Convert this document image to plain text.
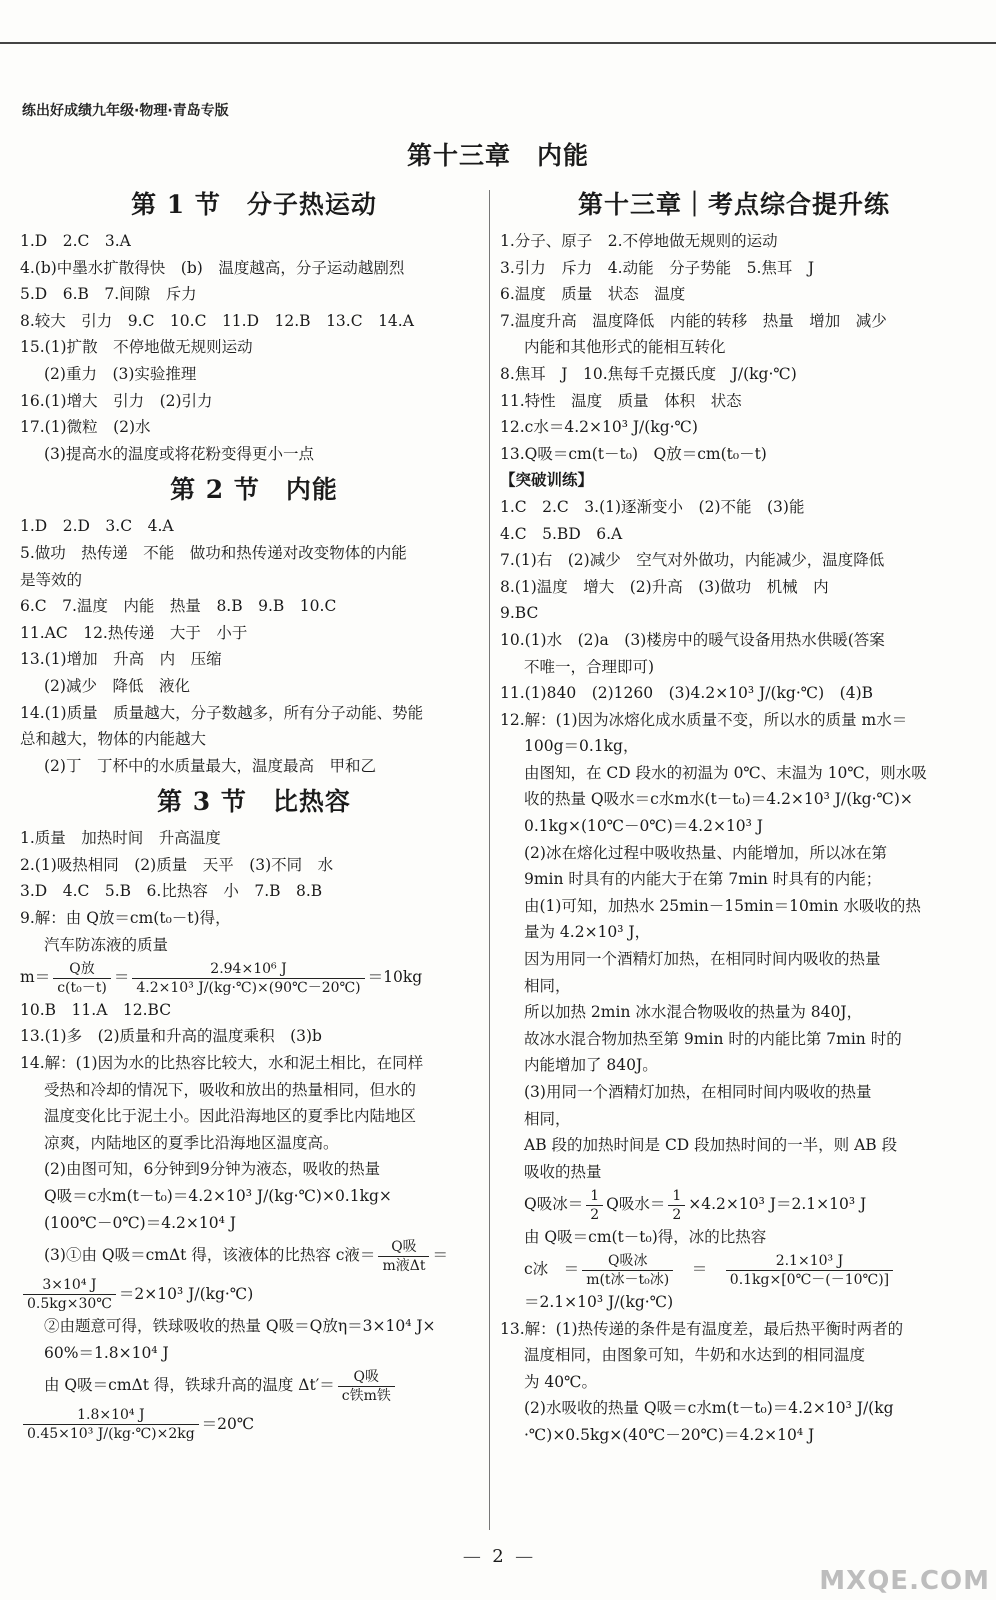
练出好成绩九年级·物理·青岛专版
第十三章　内能
第 1 节　分子热运动
1.D　2.C　3.A
4.(b)中墨水扩散得快　(b)　温度越高，分子运动越剧烈
5.D　6.B　7.间隙　斥力
8.较大　引力　9.C　10.C　11.D　12.B　13.C　14.A
15.(1)扩散　不停地做无规则运动
(2)重力　(3)实验推理
16.(1)增大　引力　(2)引力
17.(1)微粒　(2)水
(3)提高水的温度或将花粉变得更小一点
第 2 节　内能
1.D　2.D　3.C　4.A
5.做功　热传递　不能　做功和热传递对改变物体的内能
是等效的
6.C　7.温度　内能　热量　8.B　9.B　10.C
11.AC　12.热传递　大于　小于
13.(1)增加　升高　内　压缩
(2)减少　降低　液化
14.(1)质量　质量越大，分子数越多，所有分子动能、势能
总和越大，物体的内能越大
(2)丁　丁杯中的水质量最大，温度最高　甲和乙
第 3 节　比热容
1.质量　加热时间　升高温度
2.(1)吸热相同　(2)质量　天平　(3)不同　水
3.D　4.C　5.B　6.比热容　小　7.B　8.B
9.解：由 Q放＝cm(t₀－t)得，
汽车防冻液的质量
$m= \frac{\text{Q放}}{\text{c(t₀－t)}} = \frac{\text{2.94×10⁶ J}}{\text{4.2×10³ J/(kg·℃)×(90℃－20℃)}} =10kg$
10.B　11.A　12.BC
13.(1)多　(2)质量和升高的温度乘积　(3)b
14.解：(1)因为水的比热容比较大，水和泥土相比，在同样
受热和冷却的情况下，吸收和放出的热量相同，但水的
温度变化比于泥土小。因此沿海地区的夏季比内陆地区
凉爽，内陆地区的夏季比沿海地区温度高。
(2)由图可知，6分钟到9分钟为液态，吸收的热量
Q吸＝c水m(t－t₀)＝4.2×10³ J/(kg·℃)×0.1kg×
(100℃－0℃)＝4.2×10⁴ J
(3)①由 Q吸＝cmΔt 得，该液体的比热容 c液＝ $\frac{\text{Q吸}}{\text{m液Δt}}$ ＝
$\frac{\text{3×10⁴ J}}{0.5kg\times 30℃} =2\times 10^3$ J/(kg·℃)
②由题意可得，铁球吸收的热量 Q吸＝Q放η＝3×10⁴ J×
60%＝1.8×10⁴ J
由 Q吸＝cmΔt 得，铁球升高的温度 $\Delta t'= \frac{\text{Q吸}}{\text{c铁m铁}}$
$\frac{\text{1.8×10⁴ J}}{\text{0.45×10³ J/(kg·℃)×2kg}}$ ＝20℃
第十三章｜考点综合提升练
1.分子、原子　2.不停地做无规则的运动
3.引力　斥力　4.动能　分子势能　5.焦耳　J
6.温度　质量　状态　温度
7.温度升高　温度降低　内能的转移　热量　增加　减少
内能和其他形式的能相互转化
8.焦耳　J　10.焦每千克摄氏度　J/(kg·℃)
11.特性　温度　质量　体积　状态
12.c水＝4.2×10³ J/(kg·℃)
13.Q吸＝cm(t－t₀)　Q放＝cm(t₀－t)
【突破训练】
1.C　2.C　3.(1)逐渐变小　(2)不能　(3)能
4.C　5.BD　6.A
7.(1)右　(2)减少　空气对外做功，内能减少，温度降低
8.(1)温度　增大　(2)升高　(3)做功　机械　内
9.BC
10.(1)水　(2)a　(3)楼房中的暖气设备用热水供暖(答案
不唯一，合理即可)
11.(1)840　(2)1260　(3)4.2×10³ J/(kg·℃)　(4)B
12.解：(1)因为冰熔化成水质量不变，所以水的质量 m水＝
100g＝0.1kg，
由图知，在 CD 段水的初温为 0℃、末温为 10℃，则水吸
收的热量 Q吸水＝c水m水(t－t₀)＝4.2×10³ J/(kg·℃)×
0.1kg×(10℃－0℃)＝4.2×10³ J
(2)冰在熔化过程中吸收热量、内能增加，所以冰在第
9min 时具有的内能大于在第 7min 时具有的内能；
由(1)可知，加热水 25min－15min＝10min 水吸收的热
量为 4.2×10³ J，
因为用同一个酒精灯加热，在相同时间内吸收的热量
相同，
所以加热 2min 冰水混合物吸收的热量为 840J，
故冰水混合物加热至第 9min 时的内能比第 7min 时的
内能增加了 840J。
(3)用同一个酒精灯加热，在相同时间内吸收的热量
相同，
AB 段的加热时间是 CD 段加热时间的一半，则 AB 段
吸收的热量
Q吸冰＝ $\frac{1}{2}$ Q吸水＝ $\frac{1}{2} \times 4.2\times 10^3$ J＝2.1×10³ J
由 Q吸＝cm(t－t₀)得，冰的比热容
c冰　＝ $\frac{\text{Q吸冰}}{\text{m(t冰－t₀冰)}}$ 　＝　 $\frac{\text{2.1×10³ J}}{0.1kg\times[0℃-(-10℃)]}$
＝2.1×10³ J/(kg·℃)
13.解：(1)热传递的条件是有温度差，最后热平衡时两者的
温度相同，由图象可知，牛奶和水达到的相同温度
为 40℃。
(2)水吸收的热量 Q吸＝c水m(t－t₀)＝4.2×10³ J/(kg
·℃)×0.5kg×(40℃－20℃)＝4.2×10⁴ J
— 2 —
MXQE.COM
